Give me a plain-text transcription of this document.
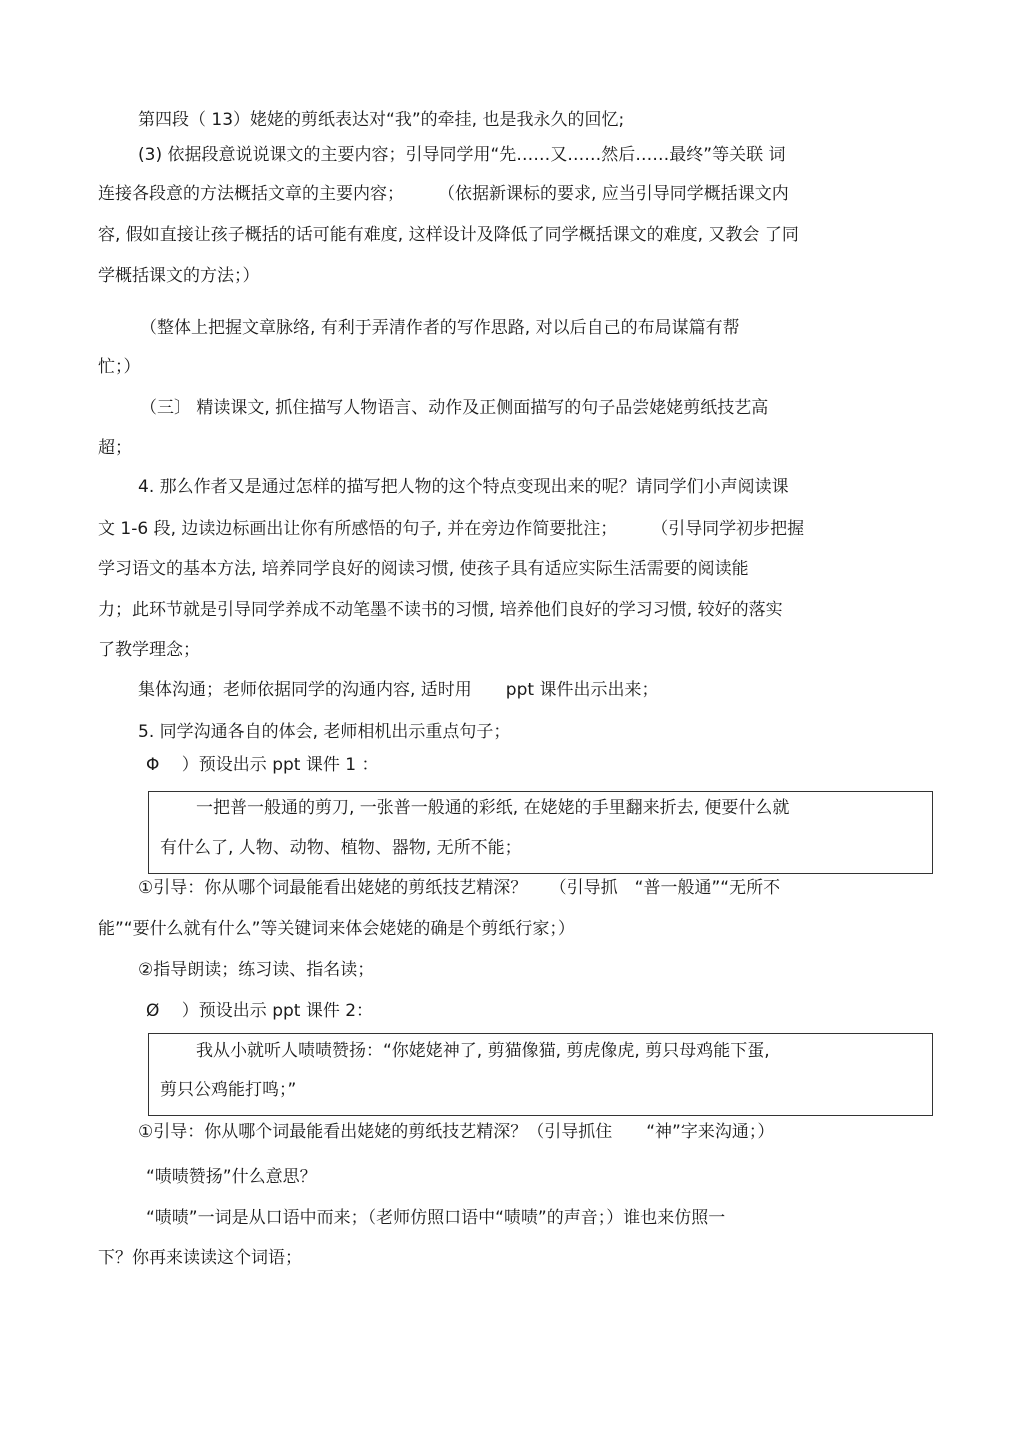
第四段（ 13）姥姥的剪纸表达对“我”的牵挂, 也是我永久的回忆;
(3) 依据段意说说课文的主要内容；引导同学用“先……又……然后……最终”等关联 词
连接各段意的方法概括文章的主要内容；　　　（依据新课标的要求, 应当引导同学概括课文内
容, 假如直接让孩子概括的话可能有难度, 这样设计及降低了同学概括课文的难度, 又教会 了同
学概括课文的方法；）
（整体上把握文章脉络, 有利于弄清作者的写作思路, 对以后自己的布局谋篇有帮
忙；）
（三〕 精读课文, 抓住描写人物语言、动作及正侧面描写的句子品尝姥姥剪纸技艺高
超；
4. 那么作者又是通过怎样的描写把人物的这个特点变现出来的呢？请同学们小声阅读课
文 1-6 段, 边读边标画出让你有所感悟的句子, 并在旁边作简要批注；　　　（引导同学初步把握
学习语文的基本方法, 培养同学良好的阅读习惯, 使孩子具有适应实际生活需要的阅读能
力；此环节就是引导同学养成不动笔墨不读书的习惯, 培养他们良好的学习习惯, 较好的落实
了教学理念；
集体沟通；老师依据同学的沟通内容, 适时用　　ppt 课件出示出来；
5. 同学沟通各自的体会, 老师相机出示重点句子；
Φ　 ）预设出示 ppt 课件 1 ：
一把普一般通的剪刀, 一张普一般通的彩纸, 在姥姥的手里翻来折去, 便要什么就
有什么了, 人物、动物、植物、器物, 无所不能；
①引导：你从哪个词最能看出姥姥的剪纸技艺精深？　 （引导抓　“普一般通”“无所不
能”“要什么就有什么”等关键词来体会姥姥的确是个剪纸行家；）
②指导朗读；练习读、指名读；
Ø　 ）预设出示 ppt 课件 2：
我从小就听人啧啧赞扬：“你姥姥神了, 剪猫像猫, 剪虎像虎, 剪只母鸡能下蛋,
剪只公鸡能打鸣；”
①引导：你从哪个词最能看出姥姥的剪纸技艺精深？（引导抓住　　“神”字来沟通；）
“啧啧赞扬”什么意思？
“啧啧”一词是从口语中而来；（老师仿照口语中“啧啧”的声音；）谁也来仿照一
下？你再来读读这个词语；
